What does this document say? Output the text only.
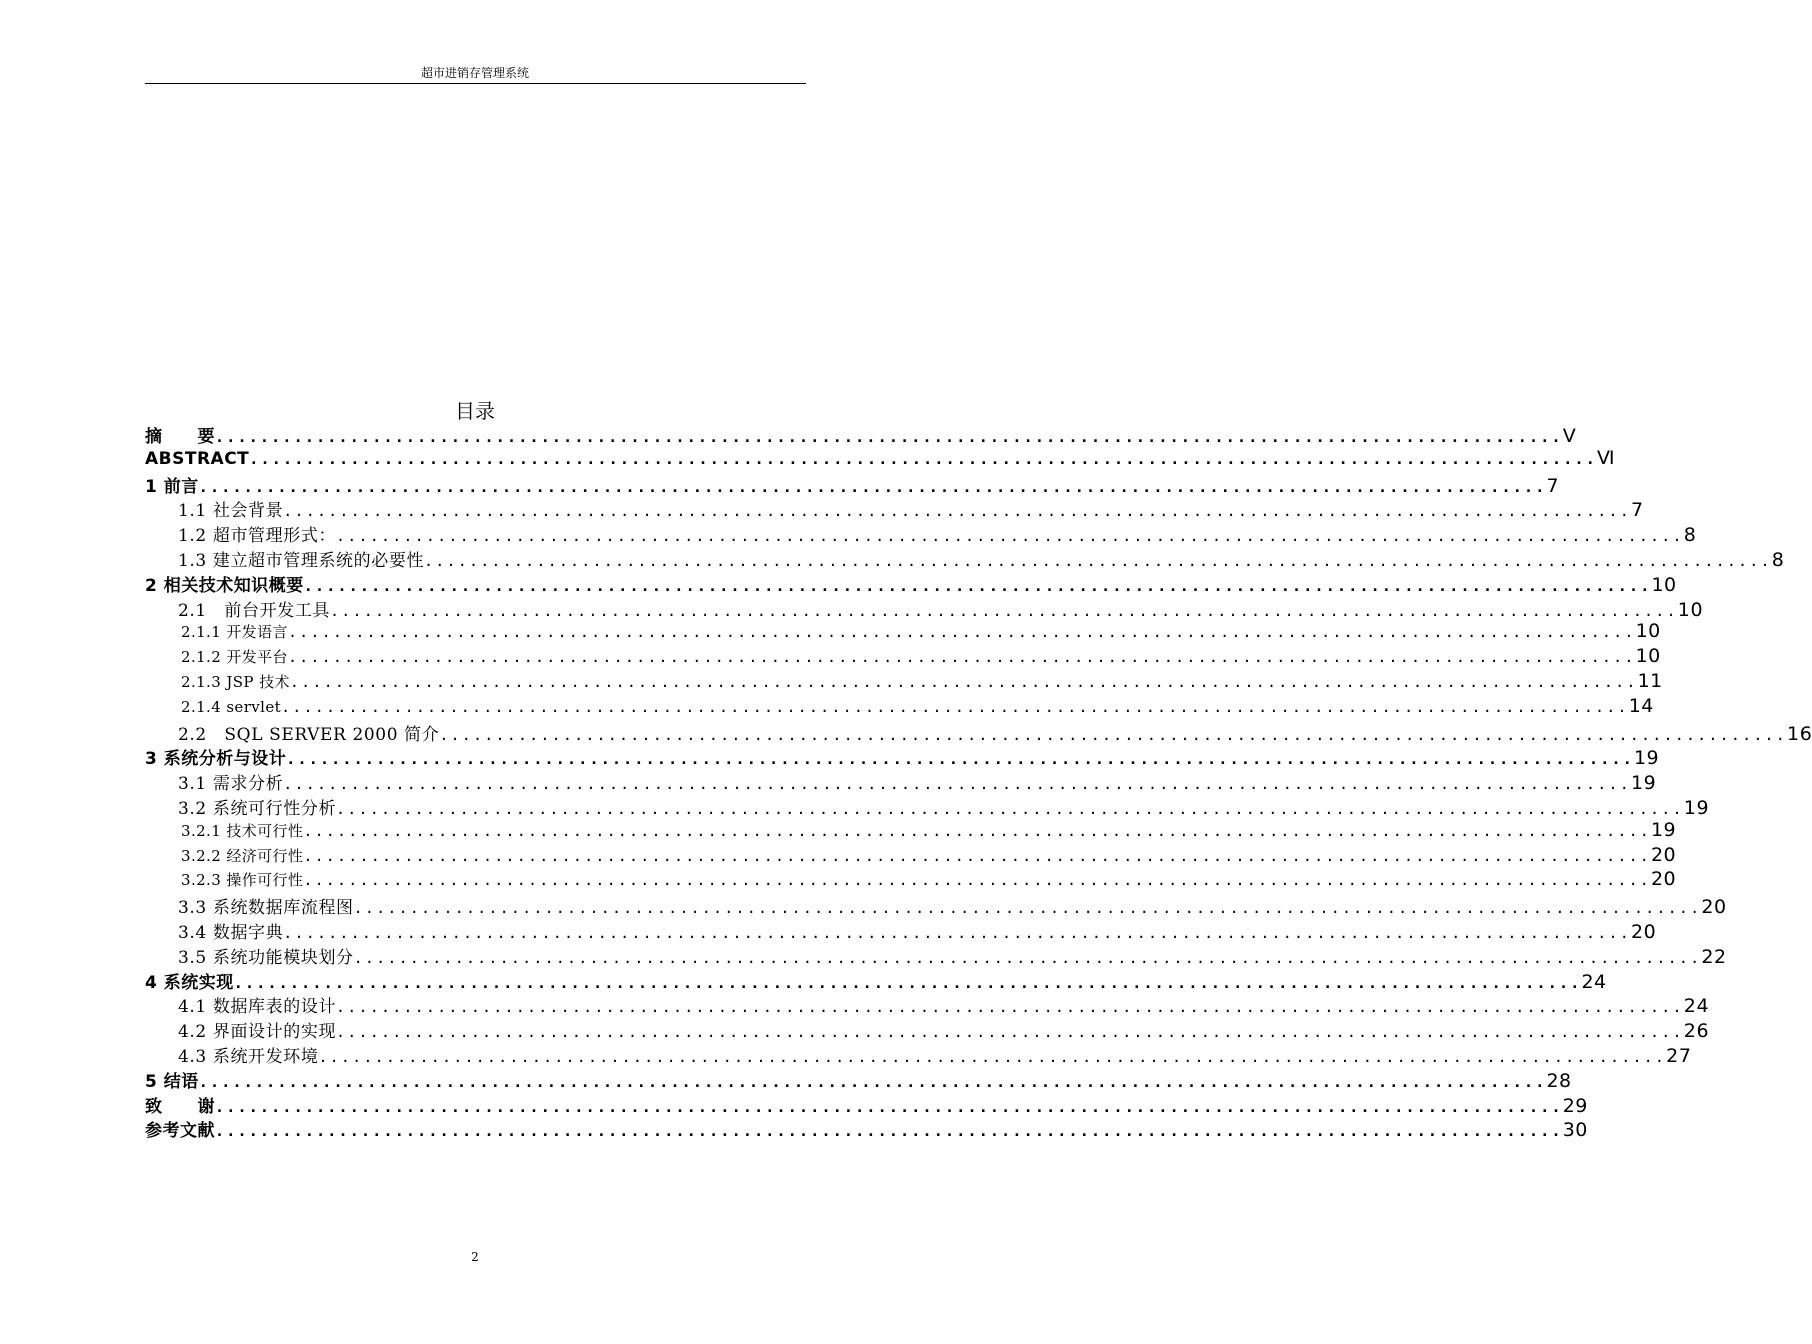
超市进销存管理系统
目录
摘　　要 ........................................................................................................................ Ⅴ
ABSTRACT ........................................................................................................................ Ⅵ
1 前言 ........................................................................................................................ 7
1.1 社会背景 ........................................................................................................................ 7
1.2 超市管理形式： ........................................................................................................................ 8
1.3 建立超市管理系统的必要性 ........................................................................................................................ 8
2 相关技术知识概要 ........................................................................................................................ 10
2.1　前台开发工具 ........................................................................................................................ 10
2.1.1 开发语言 ........................................................................................................................ 10
2.1.2 开发平台 ........................................................................................................................ 10
2.1.3 JSP 技术 ........................................................................................................................ 11
2.1.4 servlet ........................................................................................................................ 14
2.2　SQL SERVER 2000 简介 ........................................................................................................................ 16
3 系统分析与设计 ........................................................................................................................ 19
3.1 需求分析 ........................................................................................................................ 19
3.2 系统可行性分析 ........................................................................................................................ 19
3.2.1 技术可行性 ........................................................................................................................ 19
3.2.2 经济可行性 ........................................................................................................................ 20
3.2.3 操作可行性 ........................................................................................................................ 20
3.3 系统数据库流程图 ........................................................................................................................ 20
3.4 数据字典 ........................................................................................................................ 20
3.5 系统功能模块划分 ........................................................................................................................ 22
4 系统实现 ........................................................................................................................ 24
4.1 数据库表的设计 ........................................................................................................................ 24
4.2 界面设计的实现 ........................................................................................................................ 26
4.3 系统开发环境 ........................................................................................................................ 27
5 结语 ........................................................................................................................ 28
致　　谢 ........................................................................................................................ 29
参考文献 ........................................................................................................................ 30
2
